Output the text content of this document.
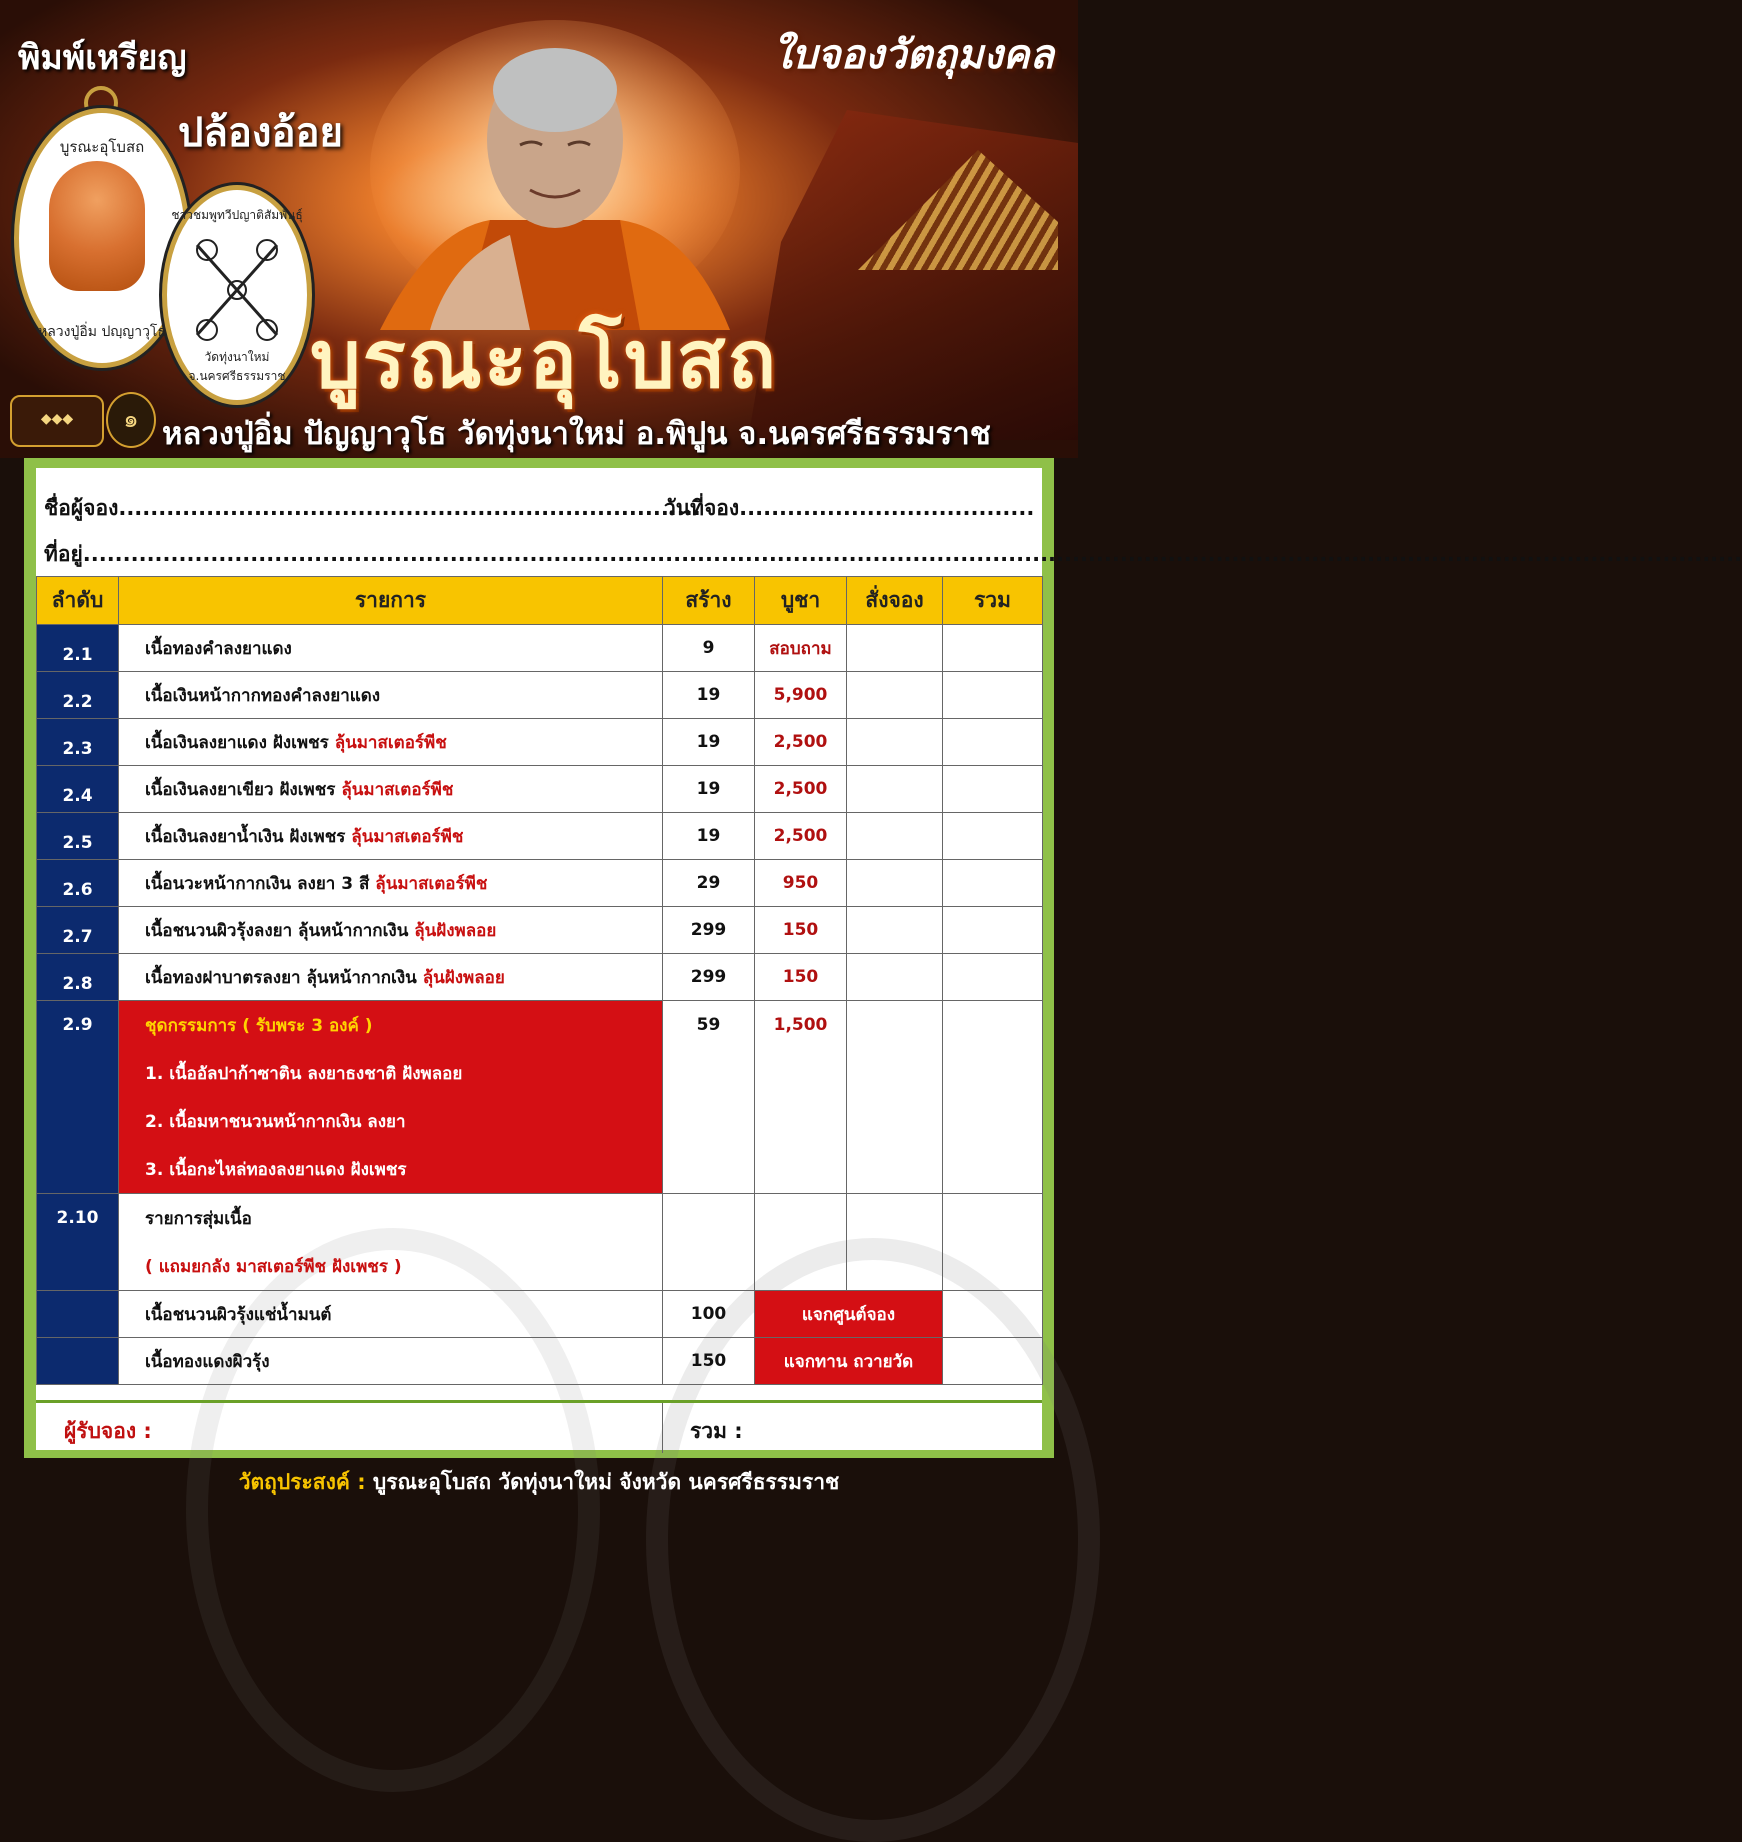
พิมพ์เหรียญ
ปล้องอ้อย
ใบจองวัตถุมงคล
บูรณะอุโบสถ
หลวงปู่อิ่ม ปญฺญาวุโธ
ชาวชมพูทวีปญาติสัมพันธุ์
วัดทุ่งนาใหม่ จ.นครศรีธรรมราช บูรณะอุโบสถ
◆◆◆	๑ หลวงปู่อิ่ม ปัญญาวุโธ วัดทุ่งนาใหม่ อ.พิปูน จ.นครศรีธรรมราช
ชื่อผู้จอง.........................................................................
วันที่จอง.....................................
ที่อยู่................................................................................................................................................................................................................
ลำดับ	รายการ	สร้าง	บูชา	สั่งจอง	รวม
2.1	เนื้อทองคำลงยาแดง	9	สอบถาม		
2.2	เนื้อเงินหน้ากากทองคำลงยาแดง	19	5,900		
2.3	เนื้อเงินลงยาแดง ฝังเพชร ลุ้นมาสเตอร์พีช	19	2,500		
2.4	เนื้อเงินลงยาเขียว ฝังเพชร ลุ้นมาสเตอร์พีช	19	2,500		
2.5	เนื้อเงินลงยาน้ำเงิน ฝังเพชร ลุ้นมาสเตอร์พีช	19	2,500		
2.6	เนื้อนวะหน้ากากเงิน ลงยา 3 สี ลุ้นมาสเตอร์พีช	29	950		
2.7	เนื้อชนวนผิวรุ้งลงยา ลุ้นหน้ากากเงิน ลุ้นฝังพลอย	299	150		
2.8	เนื้อทองฝาบาตรลงยา ลุ้นหน้ากากเงิน ลุ้นฝังพลอย	299	150		
2.9	ชุดกรรมการ ( รับพระ 3 องค์ )
1. เนื้ออัลปาก้าซาติน ลงยาธงชาติ ฝังพลอย
2. เนื้อมหาชนวนหน้ากากเงิน ลงยา
3. เนื้อกะไหล่ทองลงยาแดง ฝังเพชร	59	1,500		
2.10	รายการสุ่มเนื้อ
( แถมยกลัง มาสเตอร์พีช ฝังเพชร )				

	เนื้อชนวนผิวรุ้งแช่น้ำมนต์	100	แจกศูนต์จอง		
	เนื้อทองแดงผิวรุ้ง	150	แจกทาน ถวายวัด		
ผู้รับจอง :	รวม :
วัตถุประสงค์ : บูรณะอุโบสถ วัดทุ่งนาใหม่ จังหวัด นครศรีธรรมราช
